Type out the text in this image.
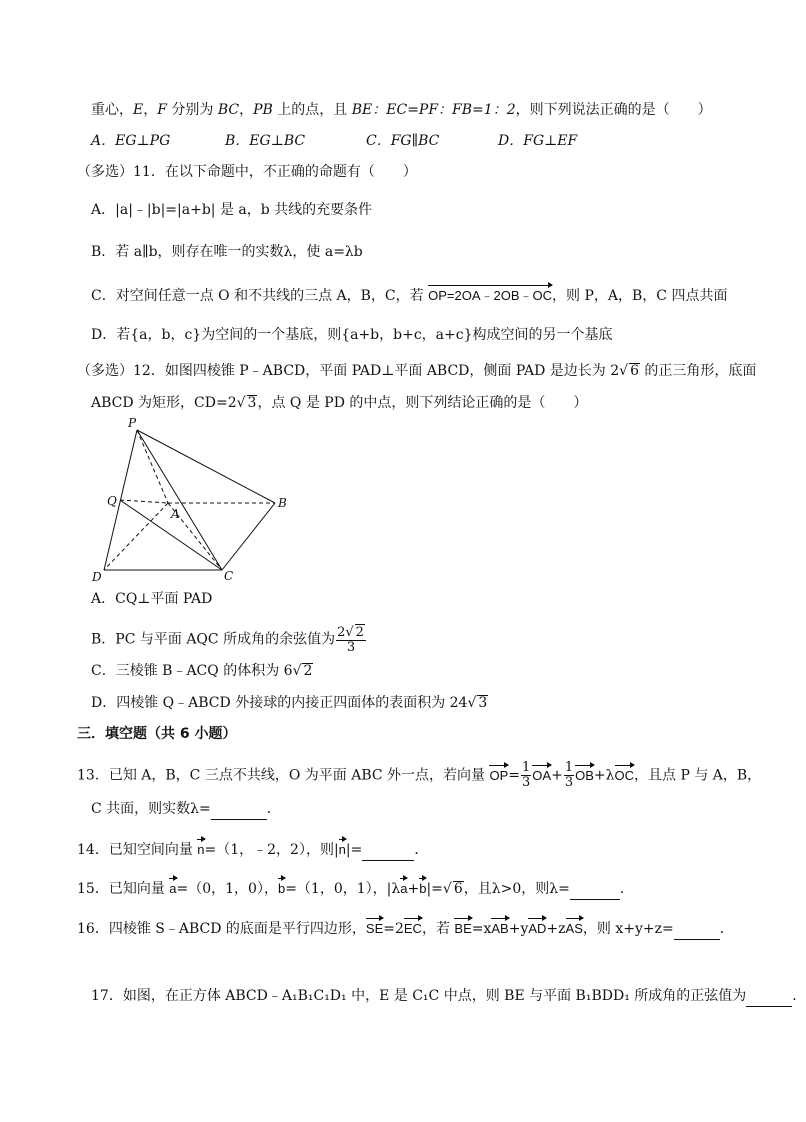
重心，E，F 分别为 BC，PB 上的点，且 BE：EC=PF：FB=1：2，则下列说法正确的是（　　）
A．EG⊥PG	B．EG⊥BC	C．FG∥BC	D．FG⊥EF
（多选）11．在以下命题中，不正确的命题有（　　）
A．|a|﹣|b|=|a+b| 是 a，b 共线的充要条件
B．若 a∥b，则存在唯一的实数λ，使 a=λb
C．对空间任意一点 O 和不共线的三点 A，B，C，若 OP=2OA﹣2OB﹣OC，则 P，A，B，C 四点共面
D．若{a，b，c}为空间的一个基底，则{a+b，b+c，a+c}构成空间的另一个基底
（多选）12．如图四棱锥 P﹣ABCD，平面 PAD⊥平面 ABCD，侧面 PAD 是边长为 2√ 6 的正三角形，底面
ABCD 为矩形，CD=2√ 3，点 Q 是 PD 的中点，则下列结论正确的是（　　）
P
Q
A
B
D	C
A．CQ⊥平面 PAD
B．PC 与平面 AQC 所成角的余弦值为 $\frac{2√ 2}{3}$
C．三棱锥 B﹣ACQ 的体积为 6√ 2
D．四棱锥 Q﹣ABCD 外接球的内接正四面体的表面积为 24√ 3
三．填空题（共 6 小题）
13．已知 A，B，C 三点不共线，O 为平面 ABC 外一点，若向量 $OP= \frac{1}{3} OA+ \frac{1}{3} OB+\lambda OC$，且点 P 与 A，B，
C 共面，则实数λ=	．
14．已知空间向量 n=（1，﹣2，2），则|n|=	．
15．已知向量 a=（0，1，0），b=（1，0，1），|λa+b|=√ 6，且λ>0，则λ=	．
16．四棱锥 S﹣ABCD 的底面是平行四边形，SE=2EC，若 BE=xAB+yAD+zAS，则 x+y+z=	．
17．如图，在正方体 ABCD﹣A₁B₁C₁D₁ 中，E 是 C₁C 中点，则 BE 与平面 B₁BDD₁ 所成角的正弦值为	．
